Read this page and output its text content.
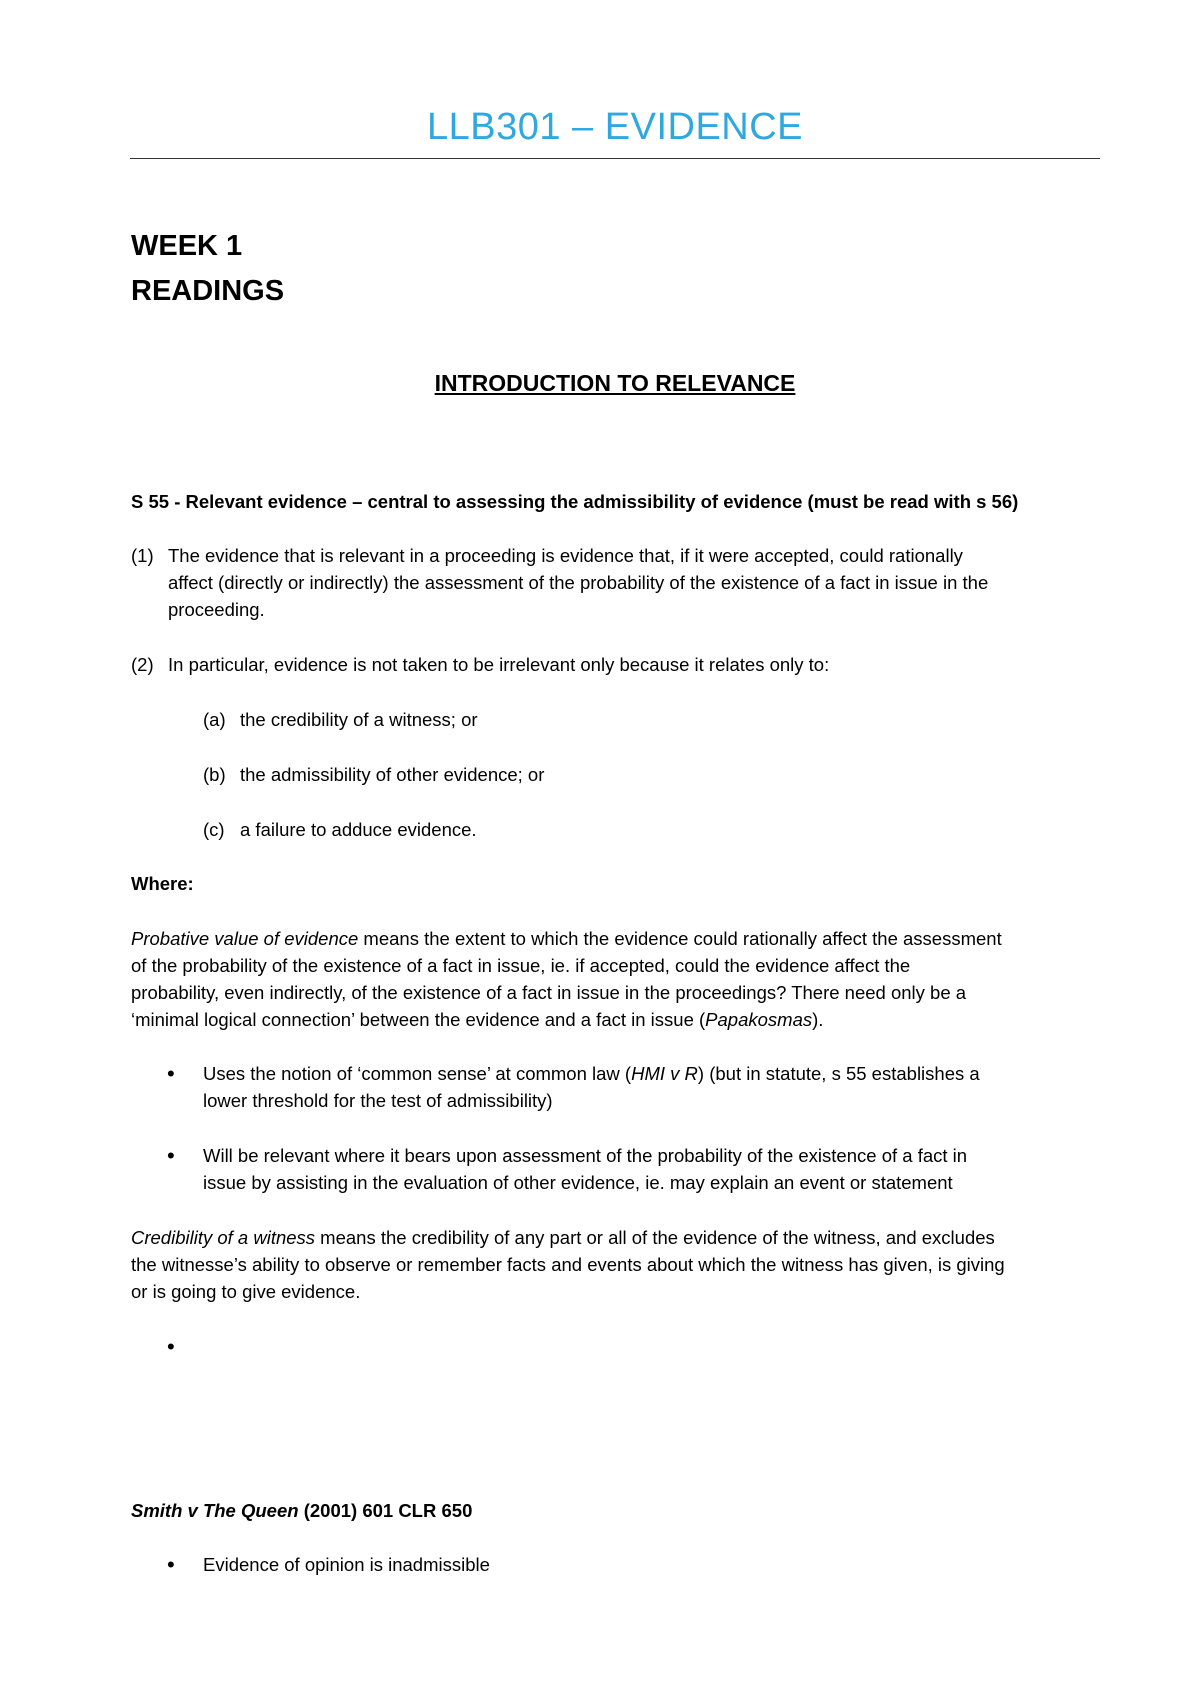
LLB301 – EVIDENCE
WEEK 1
READINGS
INTRODUCTION TO RELEVANCE
S 55 - Relevant evidence – central to assessing the admissibility of evidence (must be read with s 56)
(1) The evidence that is relevant in a proceeding is evidence that, if it were accepted, could rationally
affect (directly or indirectly) the assessment of the probability of the existence of a fact in issue in the
proceeding.
(2) In particular, evidence is not taken to be irrelevant only because it relates only to:
(a) the credibility of a witness; or
(b) the admissibility of other evidence; or
(c) a failure to adduce evidence.
Where:
Probative value of evidence means the extent to which the evidence could rationally affect the assessment
of the probability of the existence of a fact in issue, ie. if accepted, could the evidence affect the
probability, even indirectly, of the existence of a fact in issue in the proceedings? There need only be a
‘minimal logical connection’ between the evidence and a fact in issue (Papakosmas).
• Uses the notion of ‘common sense’ at common law (HMI v R) (but in statute, s 55 establishes a
lower threshold for the test of admissibility)
• Will be relevant where it bears upon assessment of the probability of the existence of a fact in
issue by assisting in the evaluation of other evidence, ie. may explain an event or statement
Credibility of a witness means the credibility of any part or all of the evidence of the witness, and excludes
the witnesse’s ability to observe or remember facts and events about which the witness has given, is giving
or is going to give evidence.
•
Smith v The Queen (2001) 601 CLR 650
• Evidence of opinion is inadmissible
